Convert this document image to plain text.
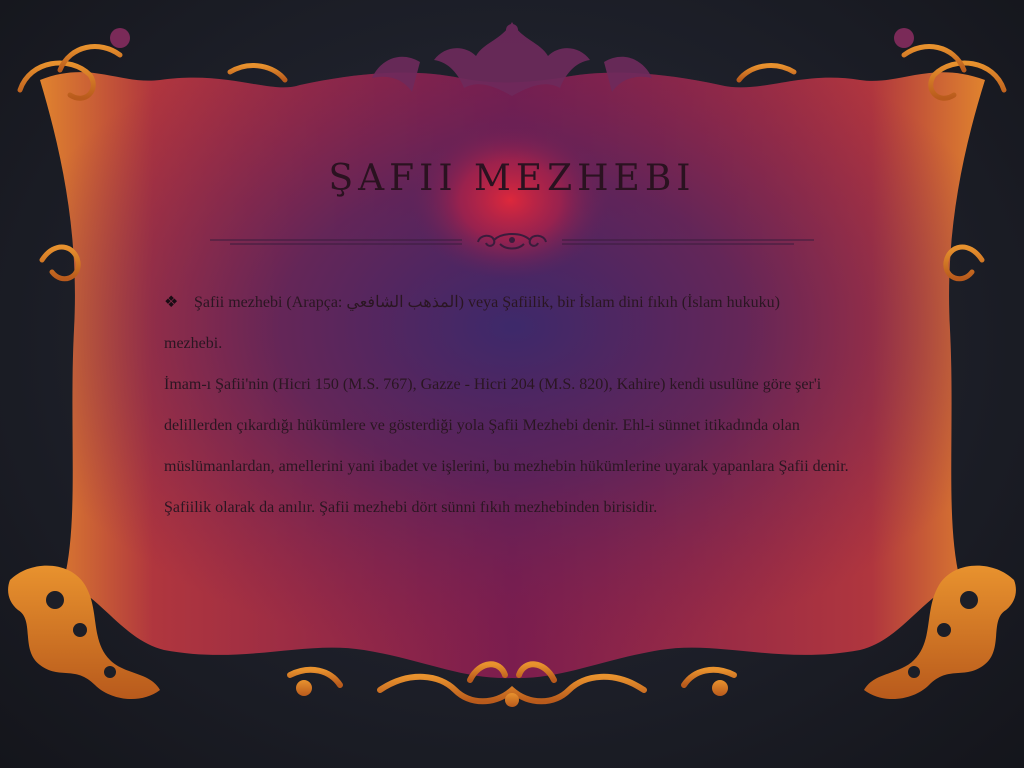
ŞAFII MEZHEBI
❖ Şafii mezhebi (Arapça: المذهب الشافعي) veya Şafiilik, bir İslam dini fıkıh (İslam hukuku)

mezhebi.

İmam-ı Şafii'nin (Hicri 150 (M.S. 767), Gazze - Hicri 204 (M.S. 820), Kahire) kendi usulüne göre şer'i delillerden çıkardığı hükümlere ve gösterdiği yola Şafii Mezhebi denir. Ehl-i sünnet itikadında olan müslümanlardan, amellerini yani ibadet ve işlerini, bu mezhebin hükümlerine uyarak yapanlara Şafii denir. Şafiilik olarak da anılır. Şafii mezhebi dört sünni fıkıh mezhebinden birisidir.
